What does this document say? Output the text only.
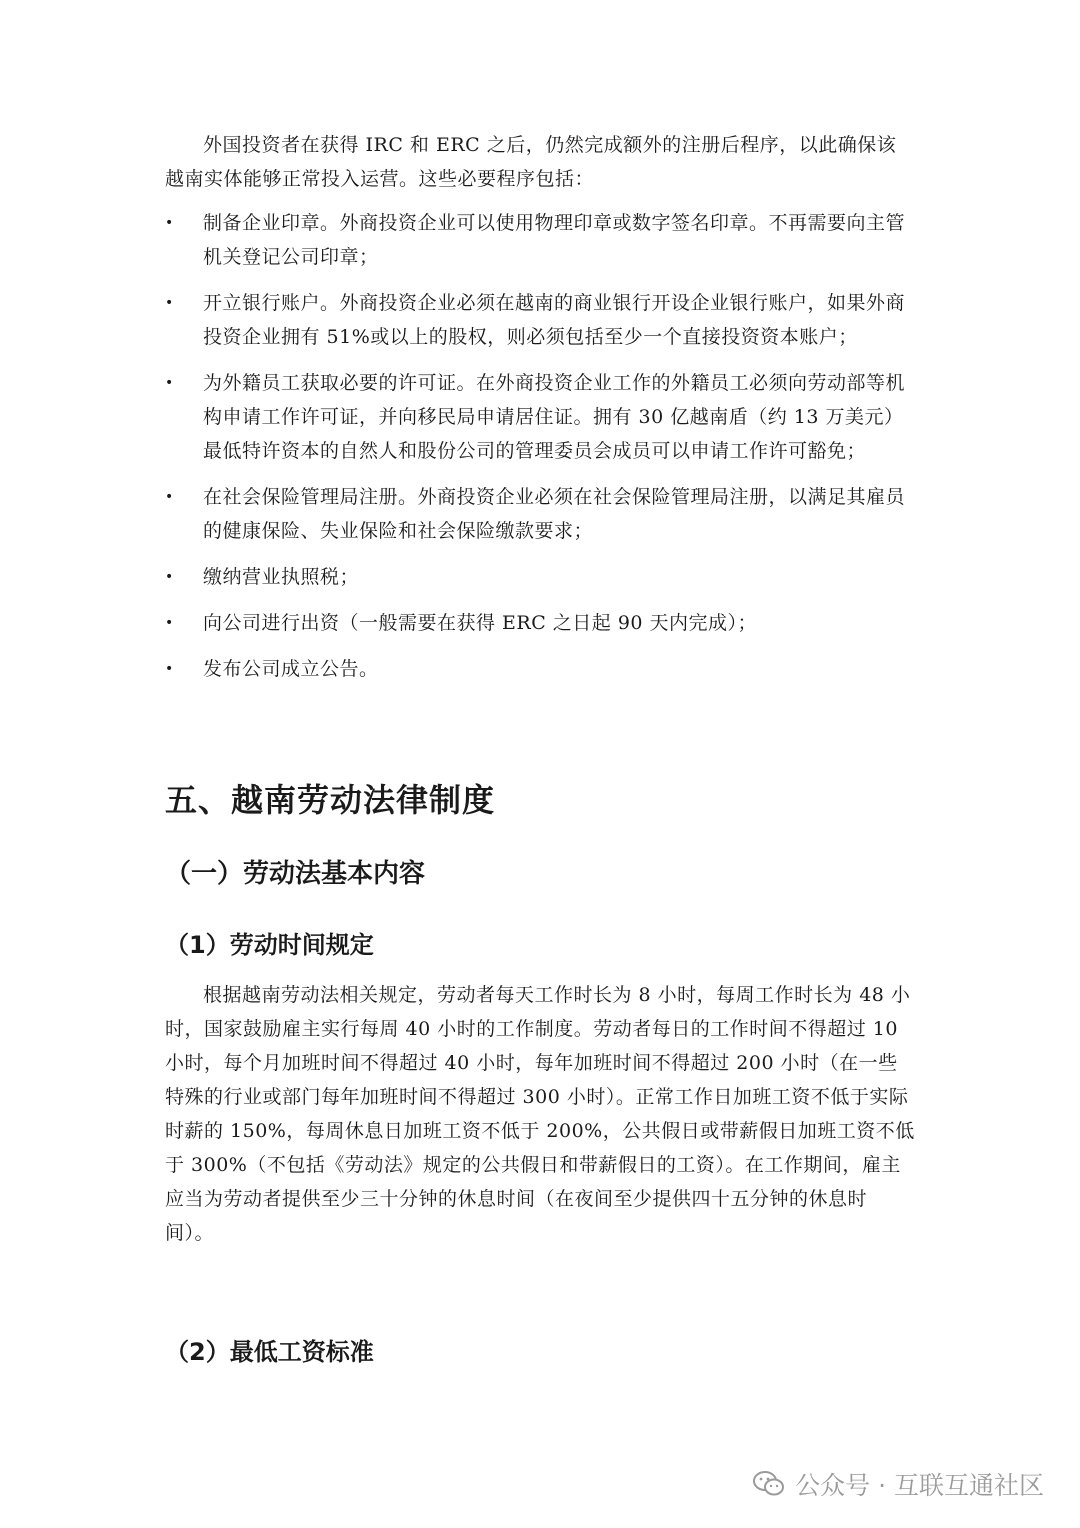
外国投资者在获得 IRC 和 ERC 之后，仍然完成额外的注册后程序，以此确保该越南实体能够正常投入运营。这些必要程序包括：

• 制备企业印章。外商投资企业可以使用物理印章或数字签名印章。不再需要向主管机关登记公司印章；
• 开立银行账户。外商投资企业必须在越南的商业银行开设企业银行账户，如果外商投资企业拥有 51%或以上的股权，则必须包括至少一个直接投资资本账户；
• 为外籍员工获取必要的许可证。在外商投资企业工作的外籍员工必须向劳动部等机构申请工作许可证，并向移民局申请居住证。拥有 30 亿越南盾（约 13 万美元）最低特许资本的自然人和股份公司的管理委员会成员可以申请工作许可豁免；
• 在社会保险管理局注册。外商投资企业必须在社会保险管理局注册，以满足其雇员的健康保险、失业保险和社会保险缴款要求；
• 缴纳营业执照税；
• 向公司进行出资（一般需要在获得 ERC 之日起 90 天内完成）；
• 发布公司成立公告。
五、越南劳动法律制度
（一）劳动法基本内容
（1）劳动时间规定

根据越南劳动法相关规定，劳动者每天工作时长为 8 小时，每周工作时长为 48 小时，国家鼓励雇主实行每周 40 小时的工作制度。劳动者每日的工作时间不得超过 10 小时，每个月加班时间不得超过 40 小时，每年加班时间不得超过 200 小时（在一些特殊的行业或部门每年加班时间不得超过 300 小时）。正常工作日加班工资不低于实际时薪的 150%，每周休息日加班工资不低于 200%，公共假日或带薪假日加班工资不低于 300%（不包括《劳动法》规定的公共假日和带薪假日的工资）。在工作期间，雇主应当为劳动者提供至少三十分钟的休息时间（在夜间至少提供四十五分钟的休息时间）。

（2）最低工资标准
公众号 · 互联互通社区
